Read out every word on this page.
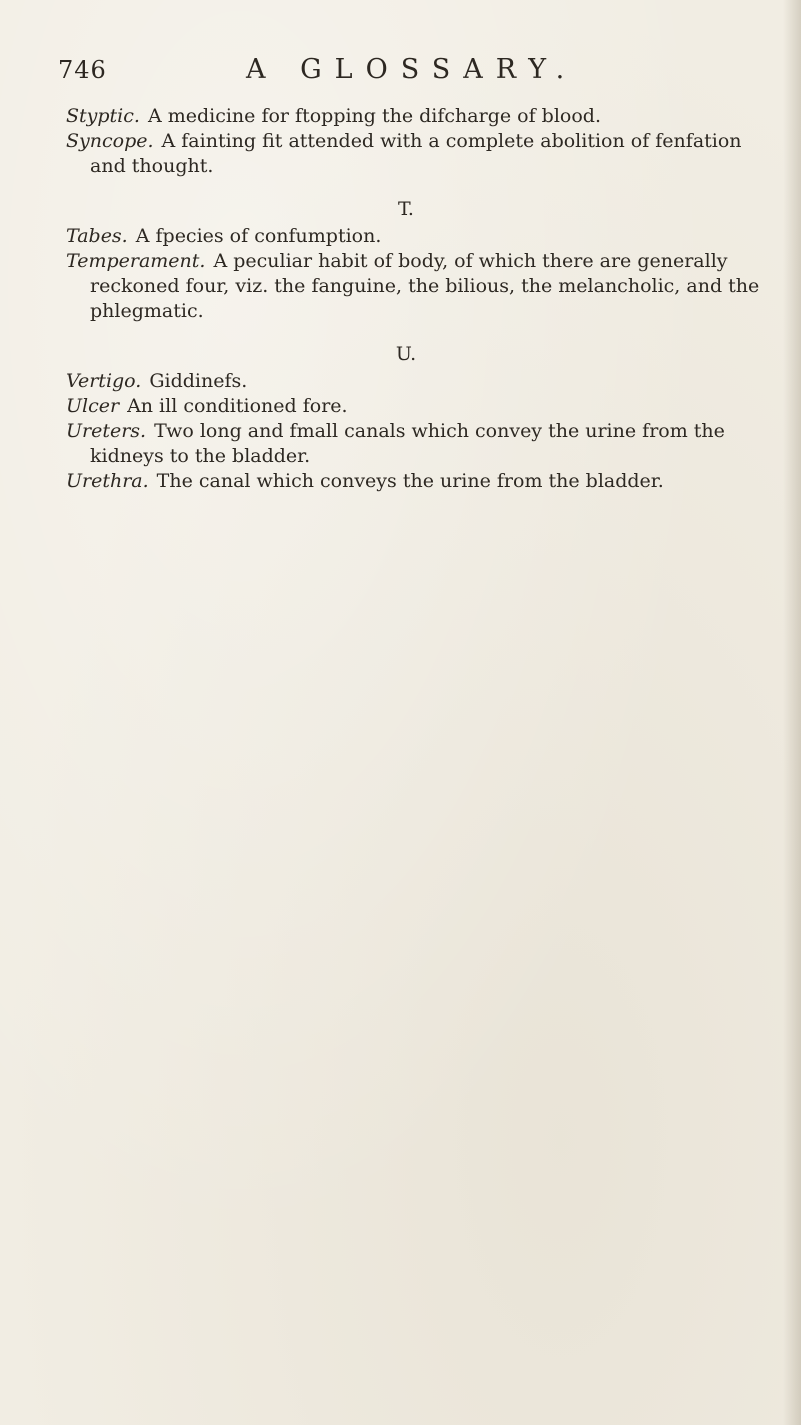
746	A GLOSSARY.

Styptic. A medicine for ftopping the difcharge of blood.

Syncope. A fainting fit attended with a complete abolition of fenfation and thought.

T.

Tabes. A fpecies of confumption.

Temperament. A peculiar habit of body, of which there are generally reckoned four, viz. the fanguine, the bilious, the melancholic, and the phlegmatic.

U.

Vertigo. Giddinefs.

Ulcer An ill conditioned fore.

Ureters. Two long and fmall canals which convey the urine from the kidneys to the bladder.

Urethra. The canal which conveys the urine from the bladder.
